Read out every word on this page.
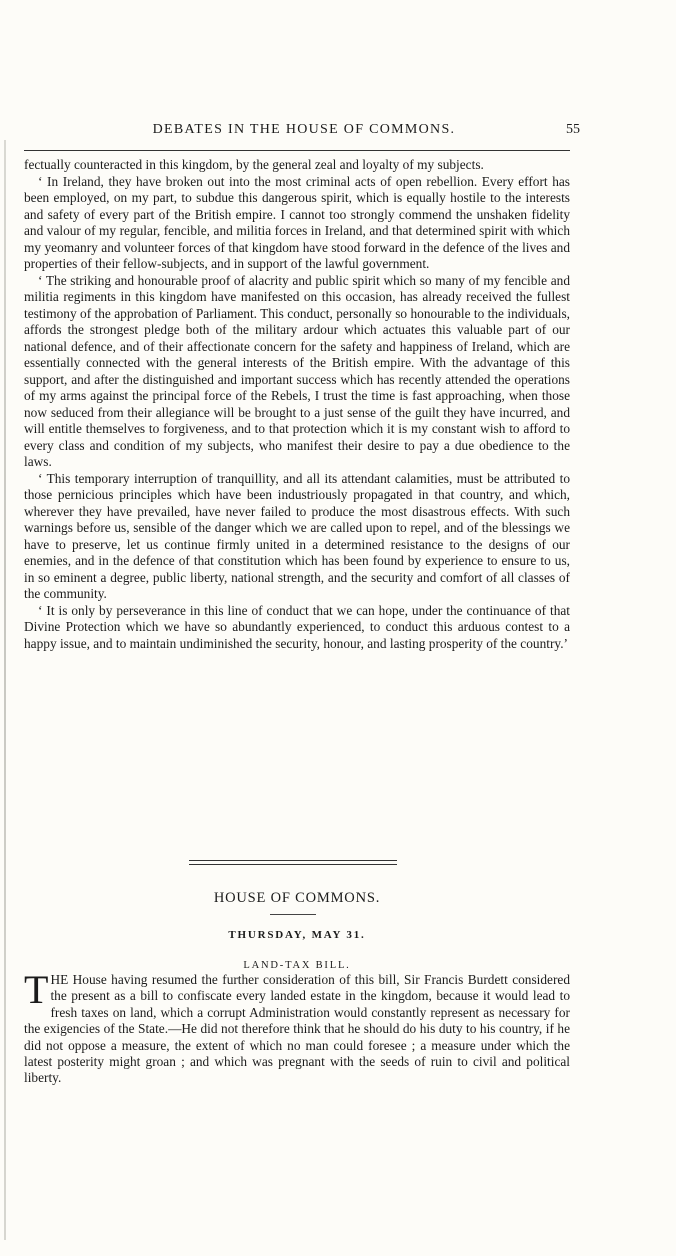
DEBATES IN THE HOUSE OF COMMONS.	55

fectually counteracted in this kingdom, by the general zeal and loyalty of my subjects.

‘ In Ireland, they have broken out into the most criminal acts of open rebellion. Every effort has been employed, on my part, to subdue this dangerous spirit, which is equally hostile to the interests and safety of every part of the British empire. I cannot too strongly commend the unshaken fidelity and valour of my regular, fencible, and militia forces in Ireland, and that determined spirit with which my yeomanry and volunteer forces of that kingdom have stood forward in the defence of the lives and properties of their fellow-subjects, and in support of the lawful government.

‘ The striking and honourable proof of alacrity and public spirit which so many of my fencible and militia regiments in this kingdom have manifested on this occasion, has already received the fullest testimony of the approbation of Parliament. This conduct, personally so honourable to the individuals, affords the strongest pledge both of the military ardour which actuates this valuable part of our national defence, and of their affectionate concern for the safety and happiness of Ireland, which are essentially connected with the general interests of the British empire. With the advantage of this support, and after the distinguished and important success which has recently attended the operations of my arms against the principal force of the Rebels, I trust the time is fast approaching, when those now seduced from their allegiance will be brought to a just sense of the guilt they have incurred, and will entitle themselves to forgiveness, and to that protection which it is my constant wish to afford to every class and condition of my subjects, who manifest their desire to pay a due obedience to the laws.

‘ This temporary interruption of tranquillity, and all its attendant calamities, must be attributed to those pernicious principles which have been industriously propagated in that country, and which, wherever they have prevailed, have never failed to produce the most disastrous effects. With such warnings before us, sensible of the danger which we are called upon to repel, and of the blessings we have to preserve, let us continue firmly united in a determined resistance to the designs of our enemies, and in the defence of that constitution which has been found by experience to ensure to us, in so eminent a degree, public liberty, national strength, and the security and comfort of all classes of the community.

‘ It is only by perseverance in this line of conduct that we can hope, under the continuance of that Divine Protection which we have so abundantly experienced, to conduct this arduous contest to a happy issue, and to maintain undiminished the security, honour, and lasting prosperity of the country.’

HOUSE OF COMMONS.
THURSDAY, MAY 31.
LAND-TAX BILL.

THE House having resumed the further consideration of this bill, Sir Francis Burdett considered the present as a bill to confiscate every landed estate in the kingdom, because it would lead to fresh taxes on land, which a corrupt Administration would constantly represent as necessary for the exigencies of the State.—He did not therefore think that he should do his duty to his country, if he did not oppose a measure, the extent of which no man could foresee ; a measure under which the latest posterity might groan ; and which was pregnant with the seeds of ruin to civil and political liberty.
